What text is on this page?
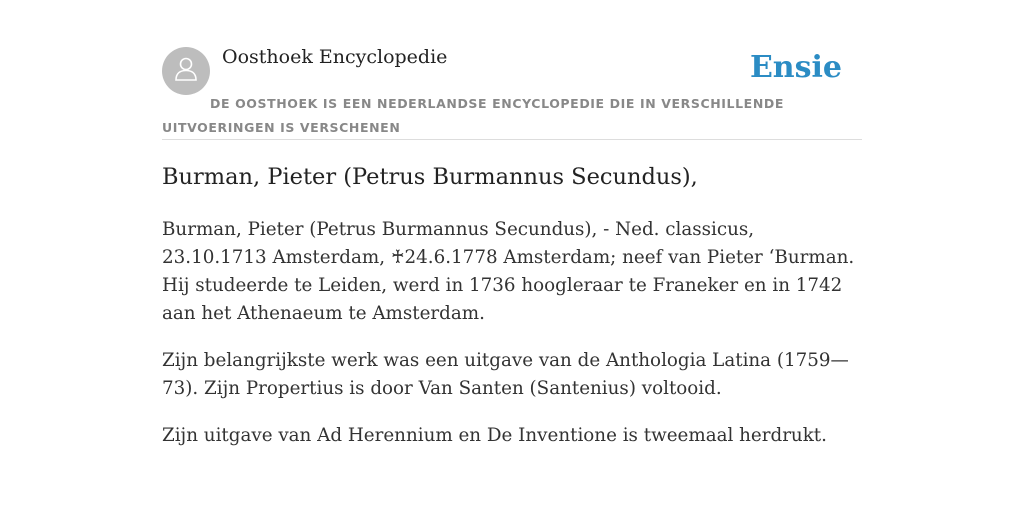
Oosthoek Encyclopedie	Ensie
DE OOSTHOEK IS EEN NEDERLANDSE ENCYCLOPEDIE DIE IN VERSCHILLENDE UITVOERINGEN IS VERSCHENEN
Burman, Pieter (Petrus Burmannus Secundus),

Burman, Pieter (Petrus Burmannus Secundus), - Ned. classicus, 23.10.1713 Amsterdam, ♰24.6.1778 Amsterdam; neef van Pieter ‘Burman. Hij studeerde te Leiden, werd in 1736 hoogleraar te Franeker en in 1742 aan het Athenaeum te Amsterdam.

Zijn belangrijkste werk was een uitgave van de Anthologia Latina (1759—73). Zijn Propertius is door Van Santen (Santenius) voltooid.

Zijn uitgave van Ad Herennium en De Inventione is tweemaal herdrukt.
